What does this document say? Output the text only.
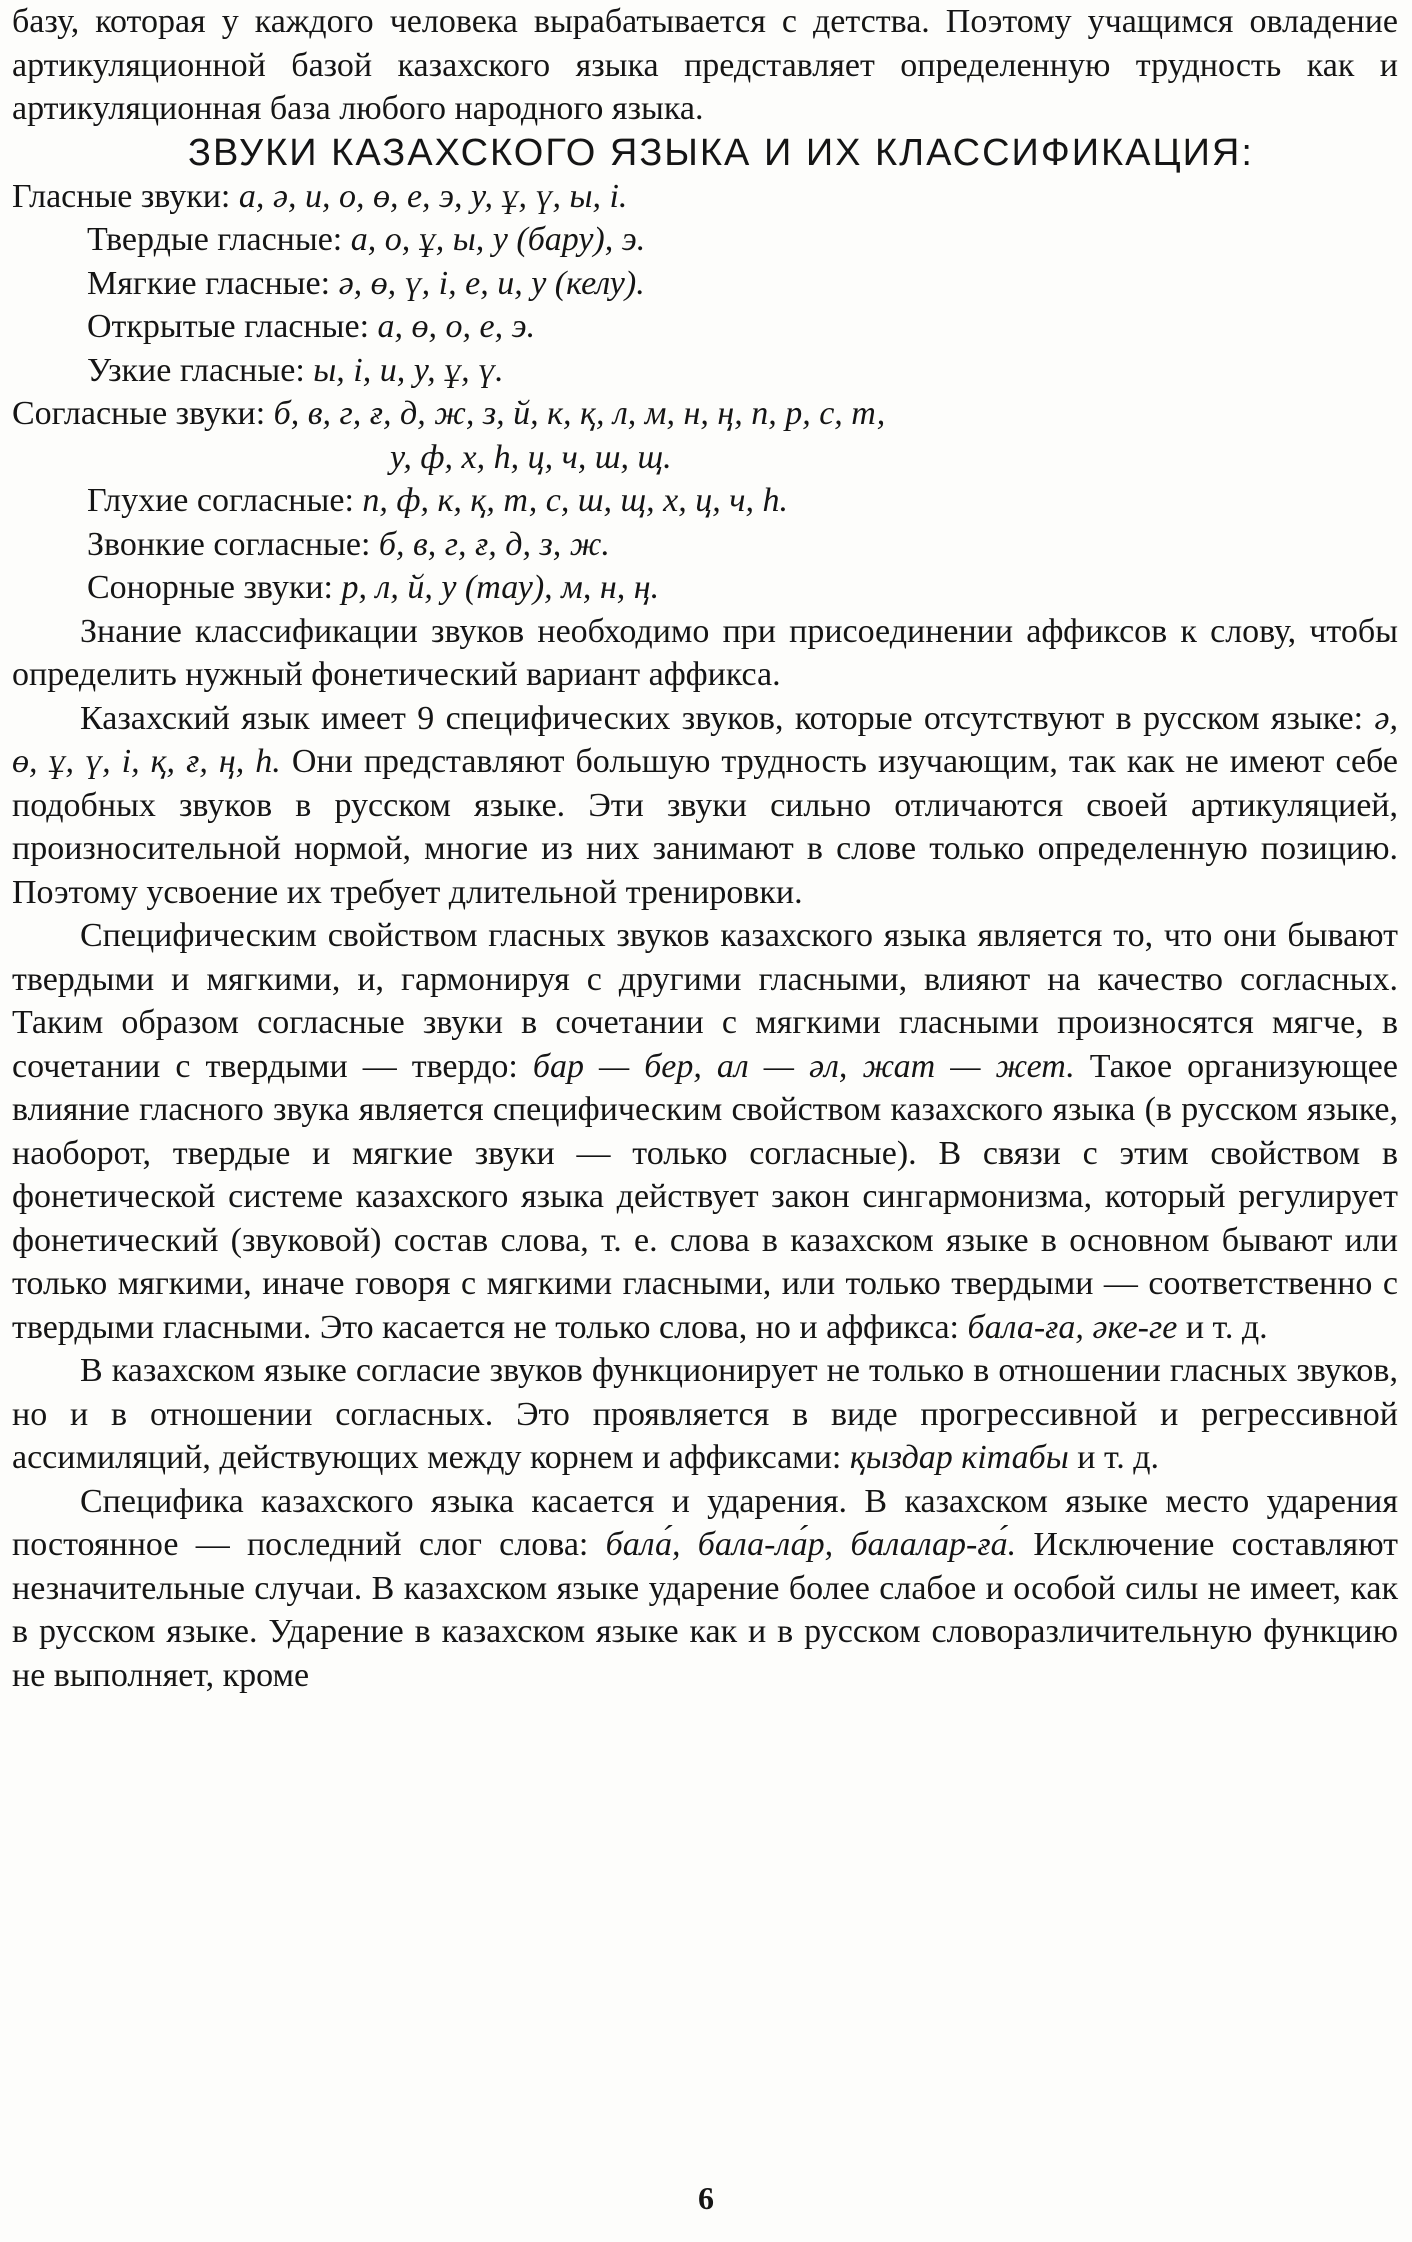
базу, которая у каждого человека вырабатывается с детства. Поэтому учащимся овладение артикуляционной базой казахского языка представляет определенную трудность как и артикуляционная база любого народного языка.

ЗВУКИ КАЗАХСКОГО ЯЗЫКА И ИХ КЛАССИФИКАЦИЯ:

Гласные звуки: а, ә, и, о, ө, е, э, у, ұ, ү, ы, і.

Твердые гласные: а, о, ұ, ы, у (бару), э.

Мягкие гласные: ә, ө, ү, і, е, и, у (келу).

Открытые гласные: а, ө, о, е, э.

Узкие гласные: ы, і, и, у, ұ, ү.

Согласные звуки: б, в, г, ғ, д, ж, з, й, к, қ, л, м, н, ң, п, р, с, т,

у, ф, х, һ, ц, ч, ш, щ.

Глухие согласные: п, ф, к, қ, т, с, ш, щ, х, ц, ч, һ.

Звонкие согласные: б, в, г, ғ, д, з, ж.

Сонорные звуки: р, л, й, у (тау), м, н, ң.

Знание классификации звуков необходимо при присоединении аффиксов к слову, чтобы определить нужный фонетический вариант аффикса.

Казахский язык имеет 9 специфических звуков, которые отсутствуют в русском языке: ә, ө, ұ, ү, і, қ, ғ, ң, һ. Они представляют большую трудность изучающим, так как не имеют себе подобных звуков в русском языке. Эти звуки сильно отличаются своей артикуляцией, произносительной нормой, многие из них занимают в слове только определенную позицию. Поэтому усвоение их требует длительной тренировки.

Специфическим свойством гласных звуков казахского языка является то, что они бывают твердыми и мягкими, и, гармонируя с другими гласными, влияют на качество согласных. Таким образом согласные звуки в сочетании с мягкими гласными произносятся мягче, в сочетании с твердыми — твердо: бар — бер, ал — әл, жат — жет. Такое организующее влияние гласного звука является специфическим свойством казахского языка (в русском языке, наоборот, твердые и мягкие звуки — только согласные). В связи с этим свойством в фонетической системе казахского языка действует закон сингармонизма, который регулирует фонетический (звуковой) состав слова, т. е. слова в казахском языке в основном бывают или только мягкими, иначе говоря с мягкими гласными, или только твердыми — соответственно с твердыми гласными. Это касается не только слова, но и аффикса: бала-ға, әке-ге и т. д.

В казахском языке согласие звуков функционирует не только в отношении гласных звуков, но и в отношении согласных. Это проявляется в виде прогрессивной и регрессивной ассимиляций, действующих между корнем и аффиксами: қыздар кітабы и т. д.

Специфика казахского языка касается и ударения. В казахском языке место ударения постоянное — последний слог слова: бала́, бала-ла́р, балалар-ға́. Исключение составляют незначительные случаи. В казахском языке ударение более слабое и особой силы не имеет, как в русском языке. Ударение в казахском языке как и в русском словоразличительную функцию не выполняет, кроме

6
